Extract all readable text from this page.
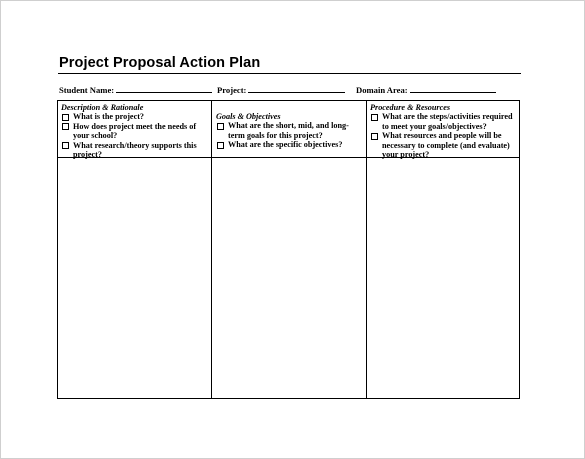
Project Proposal Action Plan
Student Name:	Project:	Domain Area:
Description & Rationale
What is the project?
How does project meet the needs of your school?
What research/theory supports this project?
Goals & Objectives
What are the short, mid, and long-term goals for this project?
What are the specific objectives?
Procedure & Resources
What are the steps/activities required to meet your goals/objectives?
What resources and people will be necessary to complete (and evaluate) your project?
